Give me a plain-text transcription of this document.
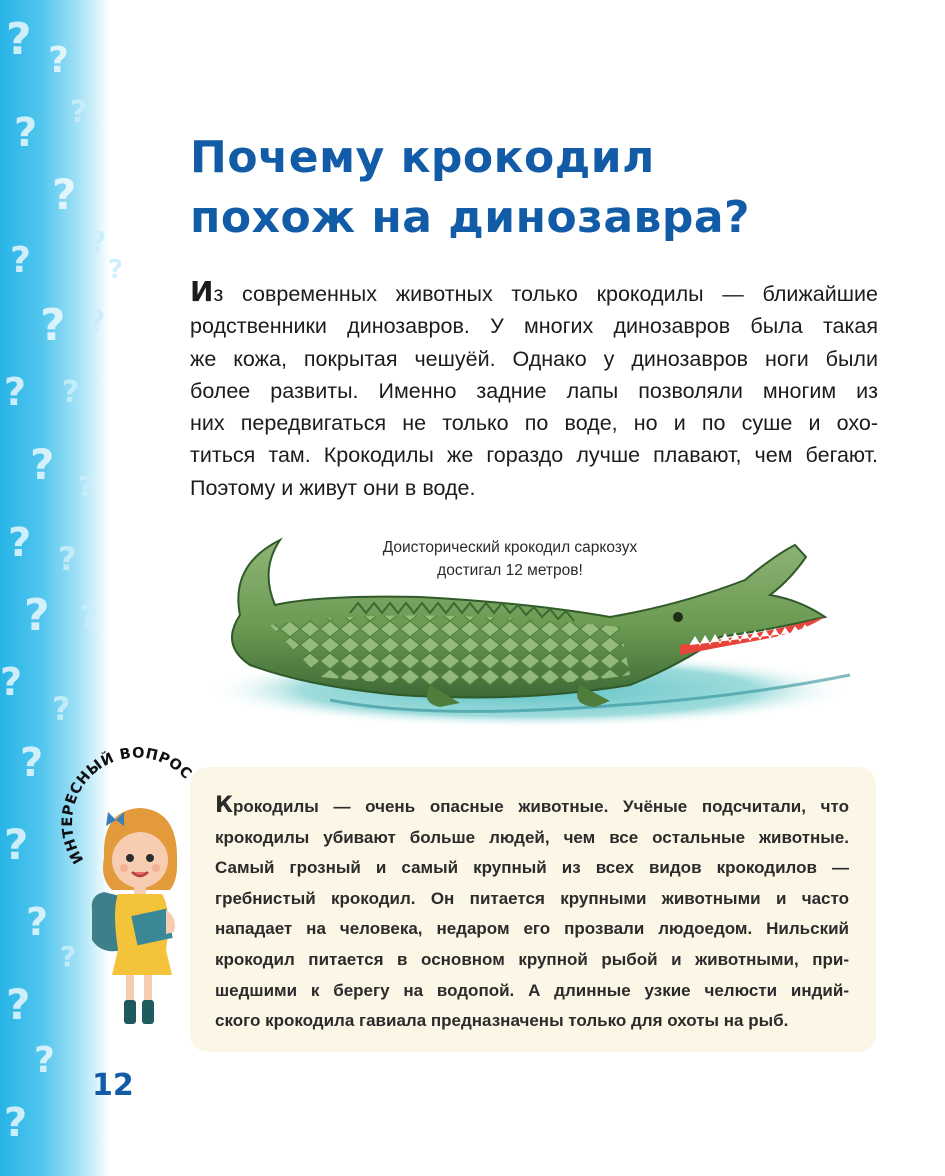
? ?
?
?
?
?
?	?
? ?
? ?
? ?
? ?
? ?
?
?
?
?
?
?
?
?
?
Почему крокодил
похож на динозавра?
Из современных животных только крокодилы — ближайшие
родственники динозавров. У многих динозавров была такая
же кожа, покрытая чешуёй. Однако у динозавров ноги были
более развиты. Именно задние лапы позволяли многим из
них передвигаться не только по воде, но и по суше и охо-
титься там. Крокодилы же гораздо лучше плавают, чем бегают.
Поэтому и живут они в воде.
Доисторический крокодил саркозух
достигал 12 метров!
Крокодилы — очень опасные животные. Учёные подсчитали, что
крокодилы убивают больше людей, чем все остальные животные.
Самый грозный и самый крупный из всех видов крокодилов —
гребнистый крокодил. Он питается крупными животными и часто
нападает на человека, недаром его прозвали людоедом. Нильский
крокодил питается в основном крупной рыбой и животными, при-
шедшими к берегу на водопой. А длинные узкие челюсти индий-
ского крокодила гавиала предназначены только для охоты на рыб.
ИНТЕРЕСНЫЙ ВОПРОС

12
